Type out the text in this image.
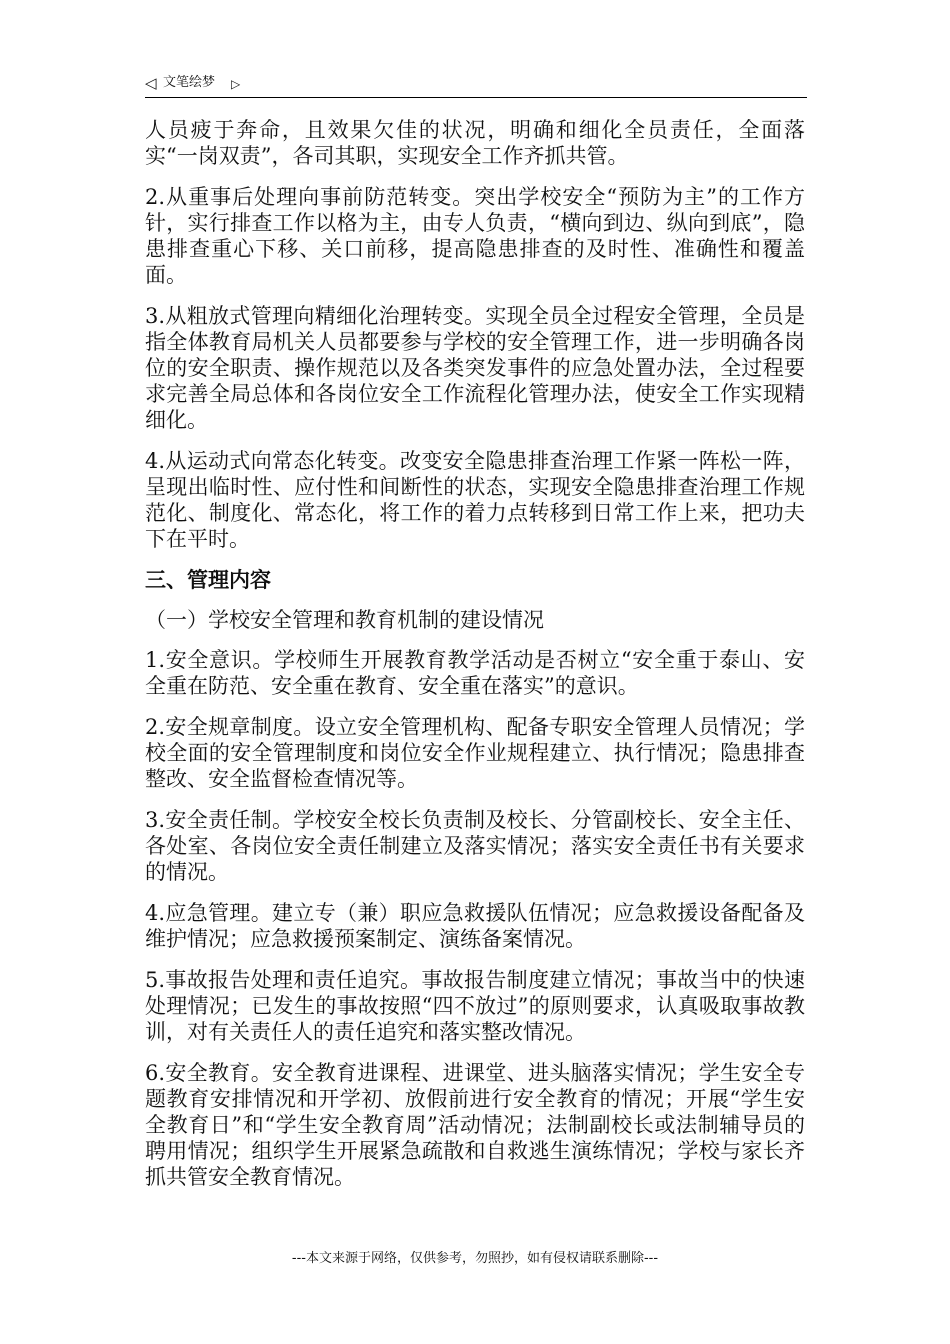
◁ 文笔绘梦 ▷

人员疲于奔命，且效果欠佳的状况，明确和细化全员责任，全面落实“一岗双责”，各司其职，实现安全工作齐抓共管。

2.从重事后处理向事前防范转变。突出学校安全“预防为主”的工作方针，实行排查工作以格为主，由专人负责，“横向到边、纵向到底”，隐患排查重心下移、关口前移，提高隐患排查的及时性、准确性和覆盖面。

3.从粗放式管理向精细化治理转变。实现全员全过程安全管理，全员是指全体教育局机关人员都要参与学校的安全管理工作，进一步明确各岗位的安全职责、操作规范以及各类突发事件的应急处置办法，全过程要求完善全局总体和各岗位安全工作流程化管理办法，使安全工作实现精细化。

4.从运动式向常态化转变。改变安全隐患排查治理工作紧一阵松一阵，呈现出临时性、应付性和间断性的状态，实现安全隐患排查治理工作规范化、制度化、常态化，将工作的着力点转移到日常工作上来，把功夫下在平时。

三、管理内容

（一）学校安全管理和教育机制的建设情况

1.安全意识。学校师生开展教育教学活动是否树立“安全重于泰山、安全重在防范、安全重在教育、安全重在落实”的意识。

2.安全规章制度。设立安全管理机构、配备专职安全管理人员情况；学校全面的安全管理制度和岗位安全作业规程建立、执行情况；隐患排查整改、安全监督检查情况等。

3.安全责任制。学校安全校长负责制及校长、分管副校长、安全主任、各处室、各岗位安全责任制建立及落实情况；落实安全责任书有关要求的情况。

4.应急管理。建立专（兼）职应急救援队伍情况；应急救援设备配备及维护情况；应急救援预案制定、演练备案情况。

5.事故报告处理和责任追究。事故报告制度建立情况；事故当中的快速处理情况；已发生的事故按照“四不放过”的原则要求，认真吸取事故教训，对有关责任人的责任追究和落实整改情况。

6.安全教育。安全教育进课程、进课堂、进头脑落实情况；学生安全专题教育安排情况和开学初、放假前进行安全教育的情况；开展“学生安全教育日”和“学生安全教育周”活动情况；法制副校长或法制辅导员的聘用情况；组织学生开展紧急疏散和自救逃生演练情况；学校与家长齐抓共管安全教育情况。

---本文来源于网络，仅供参考，勿照抄，如有侵权请联系删除---
